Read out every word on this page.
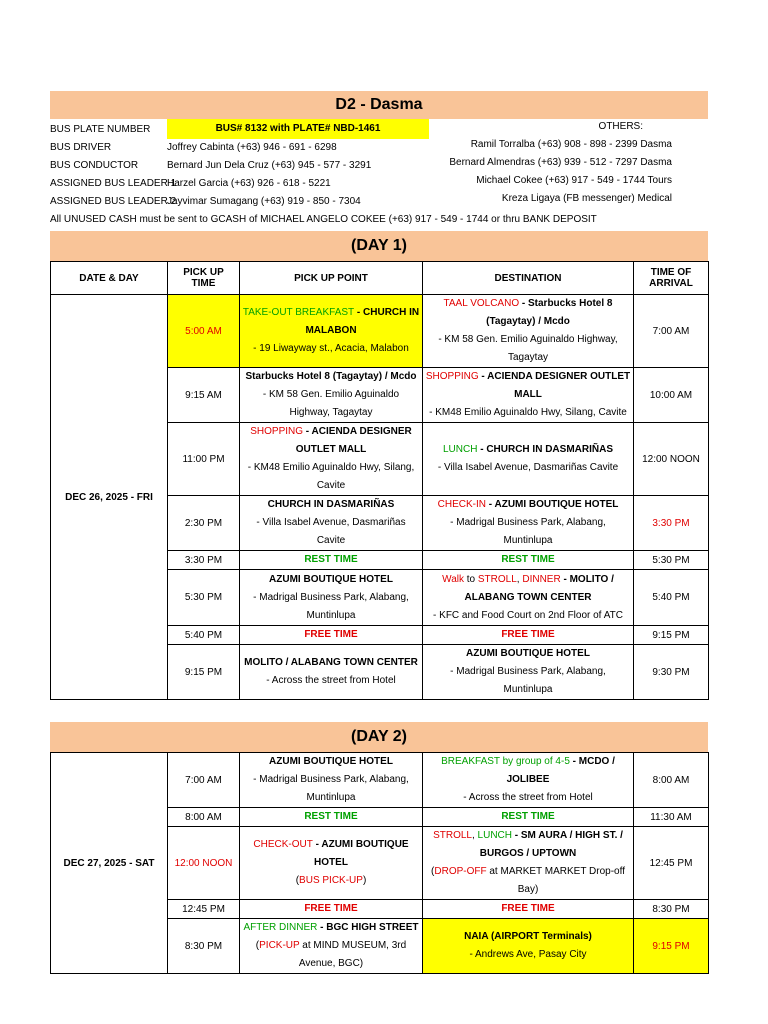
D2 - Dasma
BUS PLATE NUMBER	BUS# 8132 with PLATE# NBD-1461
BUS DRIVER	Joffrey Cabinta (+63) 946 - 691 - 6298
BUS CONDUCTOR	Bernard Jun Dela Cruz (+63) 945 - 577 - 3291
ASSIGNED BUS LEADER 1
Harzel Garcia (+63) 926 - 618 - 5221
ASSIGNED BUS LEADER 2
Jayvimar Sumagang (+63) 919 - 850 - 7304
OTHERS:
Ramil Torralba (+63) 908 - 898 - 2399 Dasma
Bernard Almendras (+63) 939 - 512 - 7297 Dasma
Michael Cokee (+63) 917 - 549 - 1744 Tours
Kreza Ligaya (FB messenger) Medical
All UNUSED CASH must be sent to GCASH of MICHAEL ANGELO COKEE (+63) 917 - 549 - 1744 or thru BANK DEPOSIT
(DAY 1)
DATE & DAY	PICK UP TIME	PICK UP POINT	DESTINATION	TIME OF ARRIVAL
DEC 26, 2025 - FRI	5:00 AM	TAKE-OUT BREAKFAST - CHURCH IN MALABON
- 19 Liwayway st., Acacia, Malabon	TAAL VOLCANO - Starbucks Hotel 8 (Tagaytay) / Mcdo
- KM 58 Gen. Emilio Aguinaldo Highway, Tagaytay	7:00 AM
	9:15 AM	Starbucks Hotel 8 (Tagaytay) / Mcdo
- KM 58 Gen. Emilio Aguinaldo Highway, Tagaytay	SHOPPING - ACIENDA DESIGNER OUTLET MALL
- KM48 Emilio Aguinaldo Hwy, Silang, Cavite	10:00 AM
	11:00 PM	SHOPPING - ACIENDA DESIGNER OUTLET MALL
- KM48 Emilio Aguinaldo Hwy, Silang, Cavite	LUNCH - CHURCH IN DASMARIÑAS
- Villa Isabel Avenue, Dasmariñas Cavite	12:00 NOON
	2:30 PM	CHURCH IN DASMARIÑAS
- Villa Isabel Avenue, Dasmariñas Cavite	CHECK-IN - AZUMI BOUTIQUE HOTEL
- Madrigal Business Park, Alabang, Muntinlupa	3:30 PM
	3:30 PM	REST TIME	REST TIME	5:30 PM
	5:30 PM	AZUMI BOUTIQUE HOTEL
- Madrigal Business Park, Alabang, Muntinlupa	Walk to STROLL, DINNER - MOLITO / ALABANG TOWN CENTER
- KFC and Food Court on 2nd Floor of ATC	5:40 PM
	5:40 PM	FREE TIME	FREE TIME	9:15 PM
	9:15 PM	MOLITO / ALABANG TOWN CENTER
- Across the street from Hotel	AZUMI BOUTIQUE HOTEL
- Madrigal Business Park, Alabang, Muntinlupa	9:30 PM
(DAY 2)
DEC 27, 2025 - SAT	7:00 AM	AZUMI BOUTIQUE HOTEL
- Madrigal Business Park, Alabang, Muntinlupa	BREAKFAST by group of 4-5 - MCDO / JOLIBEE
- Across the street from Hotel	8:00 AM
	8:00 AM	REST TIME	REST TIME	11:30 AM
	12:00 NOON	CHECK-OUT - AZUMI BOUTIQUE HOTEL
(BUS PICK-UP)	STROLL, LUNCH - SM AURA / HIGH ST. / BURGOS / UPTOWN
(DROP-OFF at MARKET MARKET Drop-off Bay)	12:45 PM
	12:45 PM	FREE TIME	FREE TIME	8:30 PM
	8:30 PM	AFTER DINNER - BGC HIGH STREET
(PICK-UP at MIND MUSEUM, 3rd Avenue, BGC)	NAIA (AIRPORT Terminals)
- Andrews Ave, Pasay City	9:15 PM
